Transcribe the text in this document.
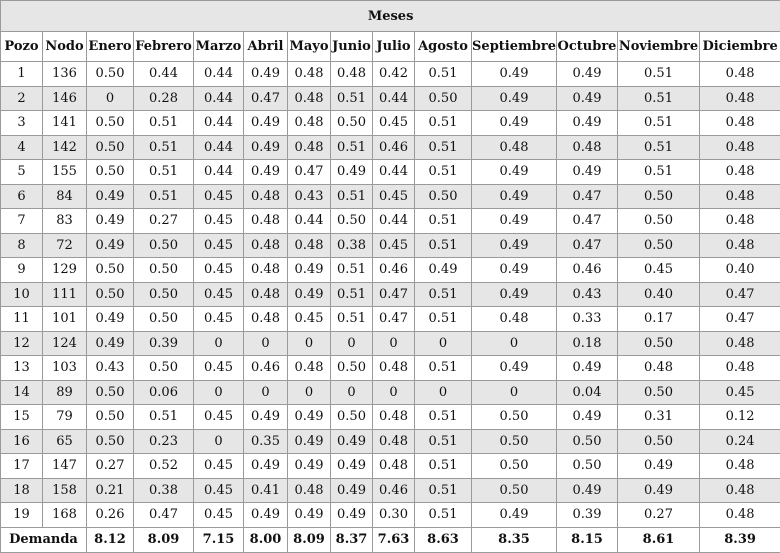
Meses													
Pozo	Nodo	Enero	Febrero	Marzo	Abril	Mayo	Junio	Julio	Agosto	Septiembre	Octubre	Noviembre	Diciembre
1	136	0.50	0.44	0.44	0.49	0.48	0.48	0.42	0.51	0.49	0.49	0.51	0.48
2	146	0	0.28	0.44	0.47	0.48	0.51	0.44	0.50	0.49	0.49	0.51	0.48
3	141	0.50	0.51	0.44	0.49	0.48	0.50	0.45	0.51	0.49	0.49	0.51	0.48
4	142	0.50	0.51	0.44	0.49	0.48	0.51	0.46	0.51	0.48	0.48	0.51	0.48
5	155	0.50	0.51	0.44	0.49	0.47	0.49	0.44	0.51	0.49	0.49	0.51	0.48
6	84	0.49	0.51	0.45	0.48	0.43	0.51	0.45	0.50	0.49	0.47	0.50	0.48
7	83	0.49	0.27	0.45	0.48	0.44	0.50	0.44	0.51	0.49	0.47	0.50	0.48
8	72	0.49	0.50	0.45	0.48	0.48	0.38	0.45	0.51	0.49	0.47	0.50	0.48
9	129	0.50	0.50	0.45	0.48	0.49	0.51	0.46	0.49	0.49	0.46	0.45	0.40
10	111	0.50	0.50	0.45	0.48	0.49	0.51	0.47	0.51	0.49	0.43	0.40	0.47
11	101	0.49	0.50	0.45	0.48	0.45	0.51	0.47	0.51	0.48	0.33	0.17	0.47
12	124	0.49	0.39	0	0	0	0	0	0	0	0.18	0.50	0.48
13	103	0.43	0.50	0.45	0.46	0.48	0.50	0.48	0.51	0.49	0.49	0.48	0.48
14	89	0.50	0.06	0	0	0	0	0	0	0	0.04	0.50	0.45
15	79	0.50	0.51	0.45	0.49	0.49	0.50	0.48	0.51	0.50	0.49	0.31	0.12
16	65	0.50	0.23	0	0.35	0.49	0.49	0.48	0.51	0.50	0.50	0.50	0.24
17	147	0.27	0.52	0.45	0.49	0.49	0.49	0.48	0.51	0.50	0.50	0.49	0.48
18	158	0.21	0.38	0.45	0.41	0.48	0.49	0.46	0.51	0.50	0.49	0.49	0.48
19	168	0.26	0.47	0.45	0.49	0.49	0.49	0.30	0.51	0.49	0.39	0.27	0.48
Demanda		8.12	8.09	7.15	8.00	8.09	8.37	7.63	8.63	8.35	8.15	8.61	8.39
